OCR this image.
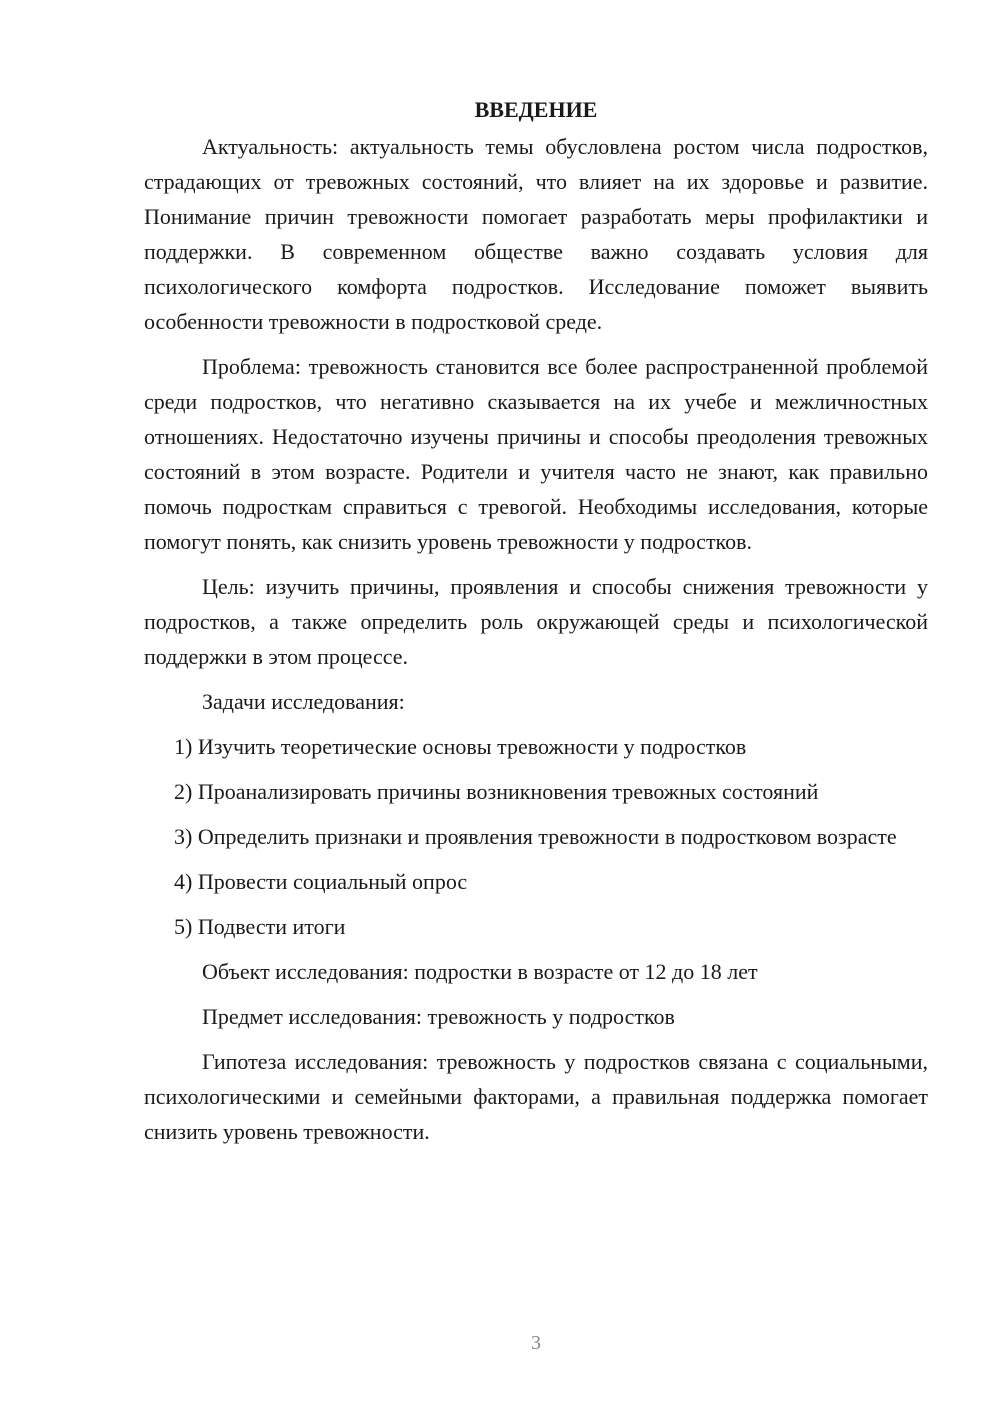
ВВЕДЕНИЕ

Актуальность: актуальность темы обусловлена ростом числа подростков, страдающих от тревожных состояний, что влияет на их здоровье и развитие. Понимание причин тревожности помогает разработать меры профилактики и поддержки. В современном обществе важно создавать условия для психологического комфорта подростков. Исследование поможет выявить особенности тревожности в подростковой среде.

Проблема: тревожность становится все более распространенной проблемой среди подростков, что негативно сказывается на их учебе и межличностных отношениях. Недостаточно изучены причины и способы преодоления тревожных состояний в этом возрасте. Родители и учителя часто не знают, как правильно помочь подросткам справиться с тревогой. Необходимы исследования, которые помогут понять, как снизить уровень тревожности у подростков.

Цель: изучить причины, проявления и способы снижения тревожности у подростков, а также определить роль окружающей среды и психологической поддержки в этом процессе.

Задачи исследования:

1) Изучить теоретические основы тревожности у подростков

2) Проанализировать причины возникновения тревожных состояний

3) Определить признаки и проявления тревожности в подростковом возрасте

4) Провести социальный опрос

5) Подвести итоги

Объект исследования: подростки в возрасте от 12 до 18 лет

Предмет исследования: тревожность у подростков

Гипотеза исследования: тревожность у подростков связана с социальными, психологическими и семейными факторами, а правильная поддержка помогает снизить уровень тревожности.

3
